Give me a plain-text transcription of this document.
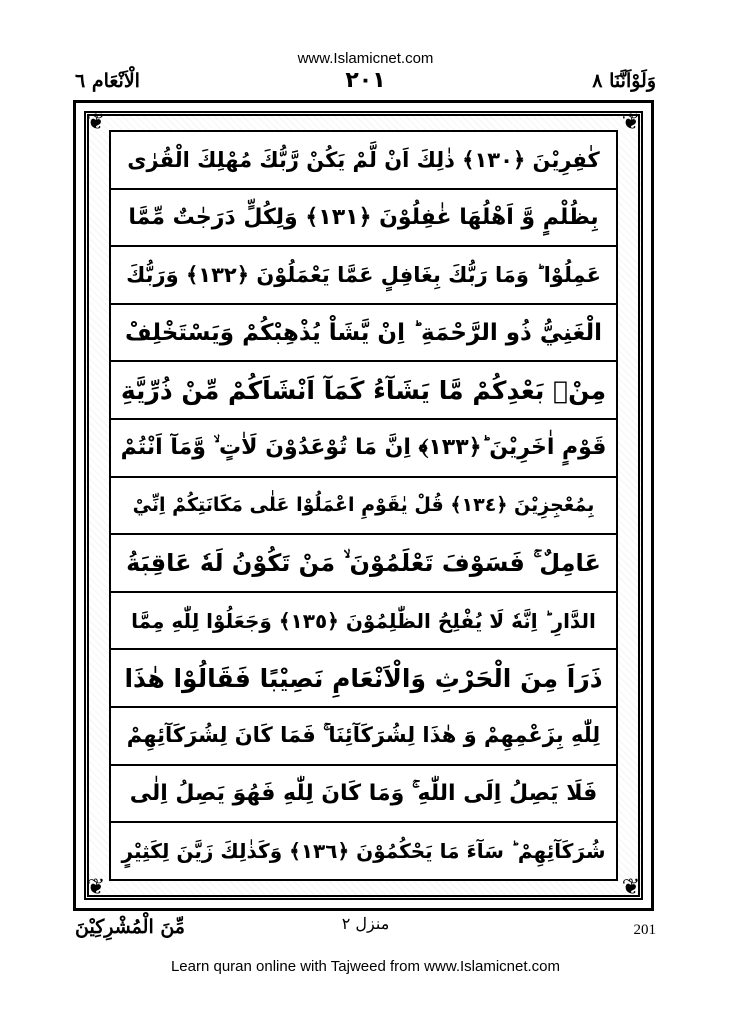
www.Islamicnet.com
الْاَنْعَام ٦	٢٠١	وَلَوْاَنَّنَا ٨
❦	❦
❦	❦
كٰفِرِيْنَ ﴿١٣٠﴾ ذٰلِكَ اَنْ لَّمْ يَكُنْ رَّبُّكَ مُهْلِكَ الْقُرٰى
بِظُلْمٍ وَّ اَهْلُهَا غٰفِلُوْنَ ﴿١٣١﴾ وَلِكُلٍّ دَرَجٰتٌ مِّمَّا
عَمِلُوْا ؕ وَمَا رَبُّكَ بِغَافِلٍ عَمَّا يَعْمَلُوْنَ ﴿١٣٢﴾ وَرَبُّكَ
الْغَنِيُّ ذُو الرَّحْمَةِ ؕ اِنْ يَّشَاْ يُذْهِبْكُمْ وَيَسْتَخْلِفْ
مِنْۢ بَعْدِكُمْ مَّا يَشَآءُ كَمَآ اَنْشَاَكُمْ مِّنْ ذُرِّيَّةِ
قَوْمٍ اٰخَرِيْنَ ؕ﴿١٣٣﴾ اِنَّ مَا تُوْعَدُوْنَ لَاٰتٍ ۙ وَّمَآ اَنْتُمْ
بِمُعْجِزِيْنَ ﴿١٣٤﴾ قُلْ يٰقَوْمِ اعْمَلُوْا عَلٰى مَكَانَتِكُمْ اِنِّيْ
عَامِلٌ ۚ فَسَوْفَ تَعْلَمُوْنَ ۙ مَنْ تَكُوْنُ لَهٗ عَاقِبَةُ
الدَّارِ ؕ اِنَّهٗ لَا يُفْلِحُ الظّٰلِمُوْنَ ﴿١٣٥﴾ وَجَعَلُوْا لِلّٰهِ مِمَّا
ذَرَاَ مِنَ الْحَرْثِ وَالْاَنْعَامِ نَصِيْبًا فَقَالُوْا هٰذَا
لِلّٰهِ بِزَعْمِهِمْ وَ هٰذَا لِشُرَكَآئِنَا ۚ فَمَا كَانَ لِشُرَكَآئِهِمْ
فَلَا يَصِلُ اِلَى اللّٰهِ ۚ وَمَا كَانَ لِلّٰهِ فَهُوَ يَصِلُ اِلٰى
شُرَكَآئِهِمْ ؕ سَآءَ مَا يَحْكُمُوْنَ ﴿١٣٦﴾ وَكَذٰلِكَ زَيَّنَ لِكَثِيْرٍ
مِّنَ الْمُشْرِكِيْنَ	منزل ٢	201
Learn quran online with Tajweed from www.Islamicnet.com
